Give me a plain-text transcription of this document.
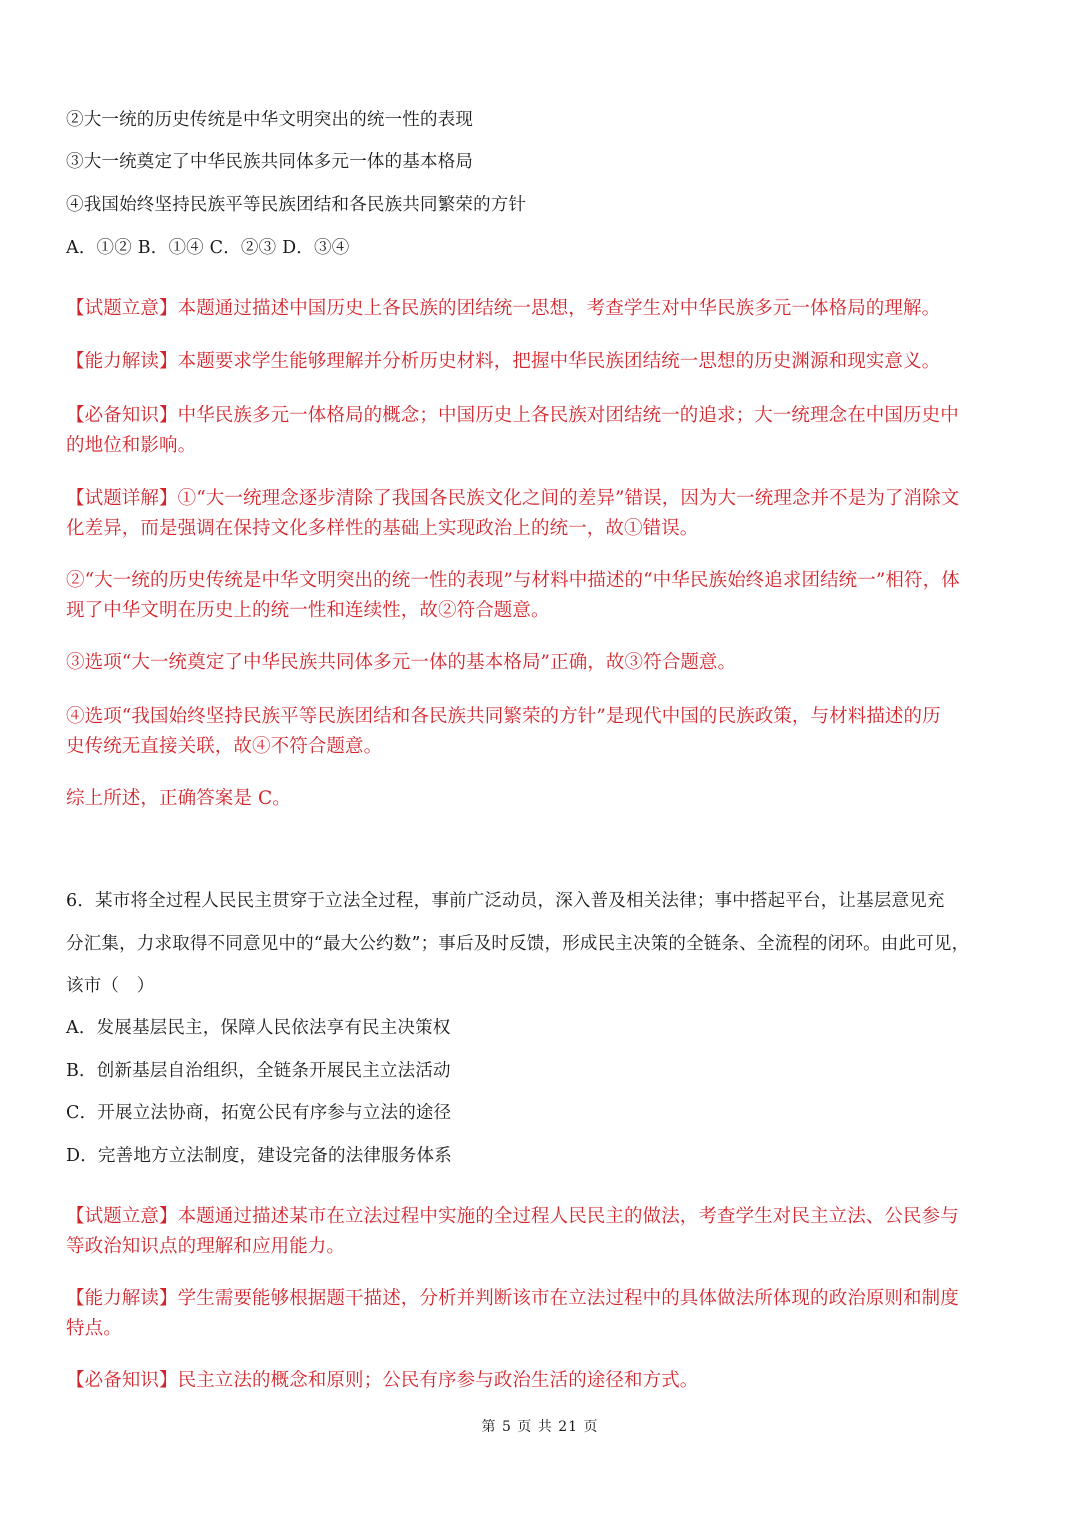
②大一统的历史传统是中华文明突出的统一性的表现
③大一统奠定了中华民族共同体多元一体的基本格局
④我国始终坚持民族平等民族团结和各民族共同繁荣的方针
A．①② B．①④ C．②③ D．③④
【试题立意】本题通过描述中国历史上各民族的团结统一思想，考查学生对中华民族多元一体格局的理解。
【能力解读】本题要求学生能够理解并分析历史材料，把握中华民族团结统一思想的历史渊源和现实意义。
【必备知识】中华民族多元一体格局的概念；中国历史上各民族对团结统一的追求；大一统理念在中国历史中
的地位和影响。
【试题详解】①“大一统理念逐步清除了我国各民族文化之间的差异”错误，因为大一统理念并不是为了消除文
化差异，而是强调在保持文化多样性的基础上实现政治上的统一，故①错误。
②“大一统的历史传统是中华文明突出的统一性的表现”与材料中描述的“中华民族始终追求团结统一”相符，体
现了中华文明在历史上的统一性和连续性，故②符合题意。
③选项“大一统奠定了中华民族共同体多元一体的基本格局”正确，故③符合题意。
④选项“我国始终坚持民族平等民族团结和各民族共同繁荣的方针”是现代中国的民族政策，与材料描述的历
史传统无直接关联，故④不符合题意。
综上所述，正确答案是 C。
6．某市将全过程人民民主贯穿于立法全过程，事前广泛动员，深入普及相关法律；事中搭起平台，让基层意见充
分汇集，力求取得不同意见中的“最大公约数”；事后及时反馈，形成民主决策的全链条、全流程的闭环。由此可见，
该市（　）
A．发展基层民主，保障人民依法享有民主决策权
B．创新基层自治组织，全链条开展民主立法活动
C．开展立法协商，拓宽公民有序参与立法的途径
D．完善地方立法制度，建设完备的法律服务体系
【试题立意】本题通过描述某市在立法过程中实施的全过程人民民主的做法，考查学生对民主立法、公民参与
等政治知识点的理解和应用能力。
【能力解读】学生需要能够根据题干描述，分析并判断该市在立法过程中的具体做法所体现的政治原则和制度
特点。
【必备知识】民主立法的概念和原则；公民有序参与政治生活的途径和方式。
第 5 页 共 21 页
